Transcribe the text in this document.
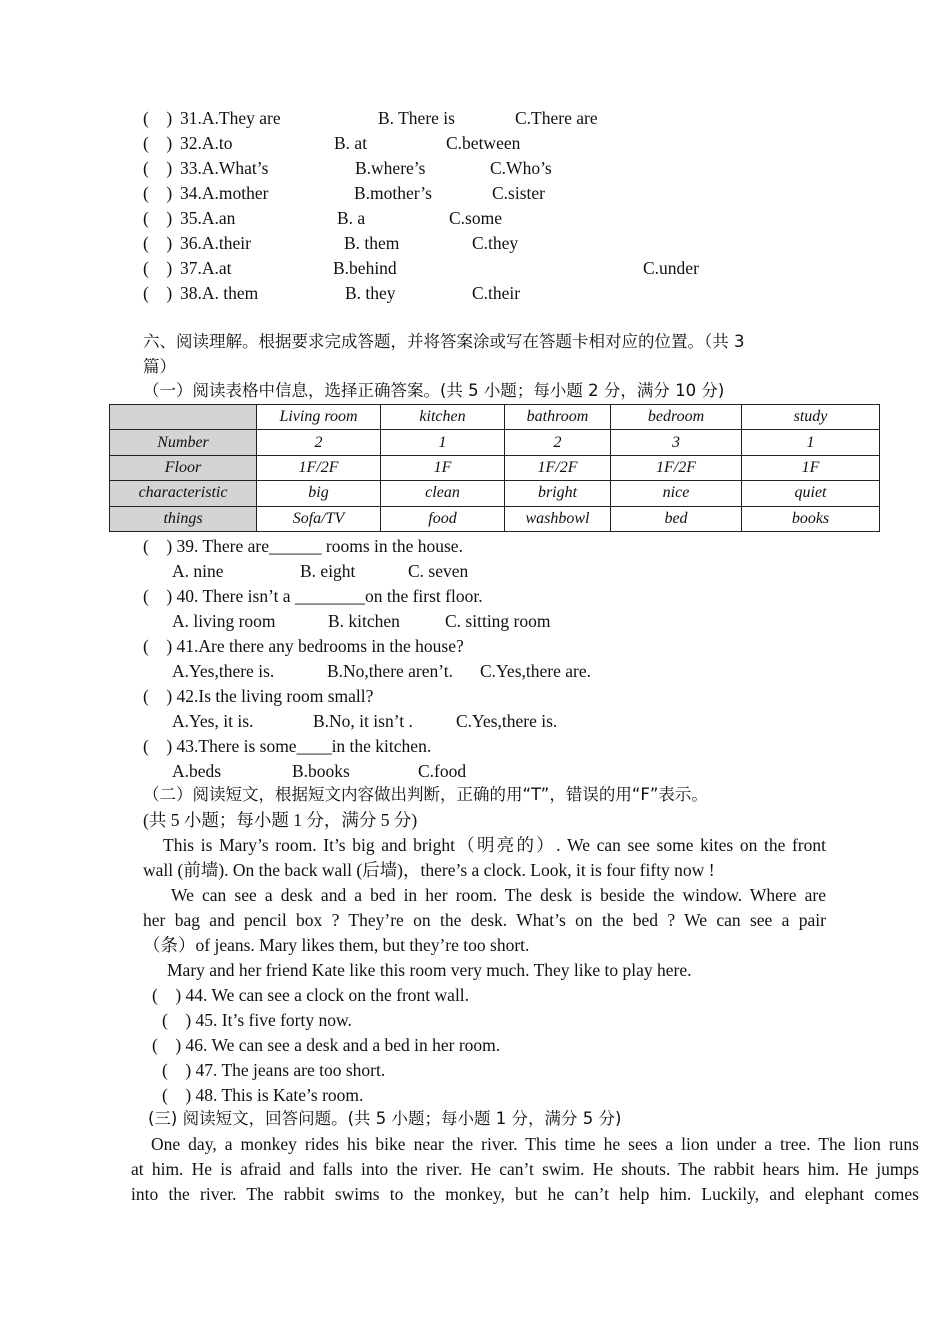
(    ) 31.A.They are	B. There is	C.There are
(    ) 32.A.to	B. at	C.between
(    ) 33.A.What’s	B.where’s	C.Who’s
(    ) 34.A.mother	B.mother’s	C.sister
(    ) 35.A.an	B. a	C.some
(    ) 36.A.their	B. them	C.they
(    ) 37.A.at	B.behind	C.under
(    ) 38.A. them	B. they	C.their
六、阅读理解。根据要求完成答题，并将答案涂或写在答题卡相对应的位置。（共 3
篇）
（一）阅读表格中信息，选择正确答案。(共 5 小题；每小题 2 分，满分 10 分)
	Living room	kitchen	bathroom	bedroom	study
Number	2	1	2	3	1
Floor	1F/2F	1F	1F/2F	1F/2F	1F
characteristic	big	clean	bright	nice	quiet
things	Sofa/TV	food	washbowl	bed	books
(    ) 39. There are______ rooms in the house.
A. nine	B. eight	C. seven
(    ) 40. There isn’t a ________on the first floor.
A. living room	B. kitchen	C. sitting room
(    ) 41.Are there any bedrooms in the house?
A.Yes,there is.	B.No,there aren’t. C.Yes,there are.
(    ) 42.Is the living room small?
A.Yes, it is.	B.No, it isn’t . C.Yes,there is.
(    ) 43.There is some____in the kitchen.
A.beds	B.books	C.food
（二）阅读短文，根据短文内容做出判断，正确的用“T”，错误的用“F”表示。
(共 5 小题；每小题 1 分，满分 5 分)
This is Mary’s room. It’s big and bright（明亮的）. We can see some kites on the front
wall (前墙). On the back wall (后墙)，there’s a clock. Look, it is four fifty now !
We can see a desk and a bed in her room. The desk is beside the window. Where are
her bag and pencil box ? They’re on the desk. What’s on the bed ? We can see a pair
（条）of jeans. Mary likes them, but they’re too short.
Mary and her friend Kate like this room very much. They like to play here.
(    ) 44. We can see a clock on the front wall.
(    ) 45. It’s five forty now.
(    ) 46. We can see a desk and a bed in her room.
(    ) 47. The jeans are too short.
(    ) 48. This is Kate’s room.
(三) 阅读短文，回答问题。(共 5 小题；每小题 1 分，满分 5 分)
One day, a monkey rides his bike near the river. This time he sees a lion under a tree. The lion runs
at him. He is afraid and falls into the river. He can’t swim. He shouts. The rabbit hears him. He jumps
into the river. The rabbit swims to the monkey, but he can’t help him. Luckily, and elephant comes
